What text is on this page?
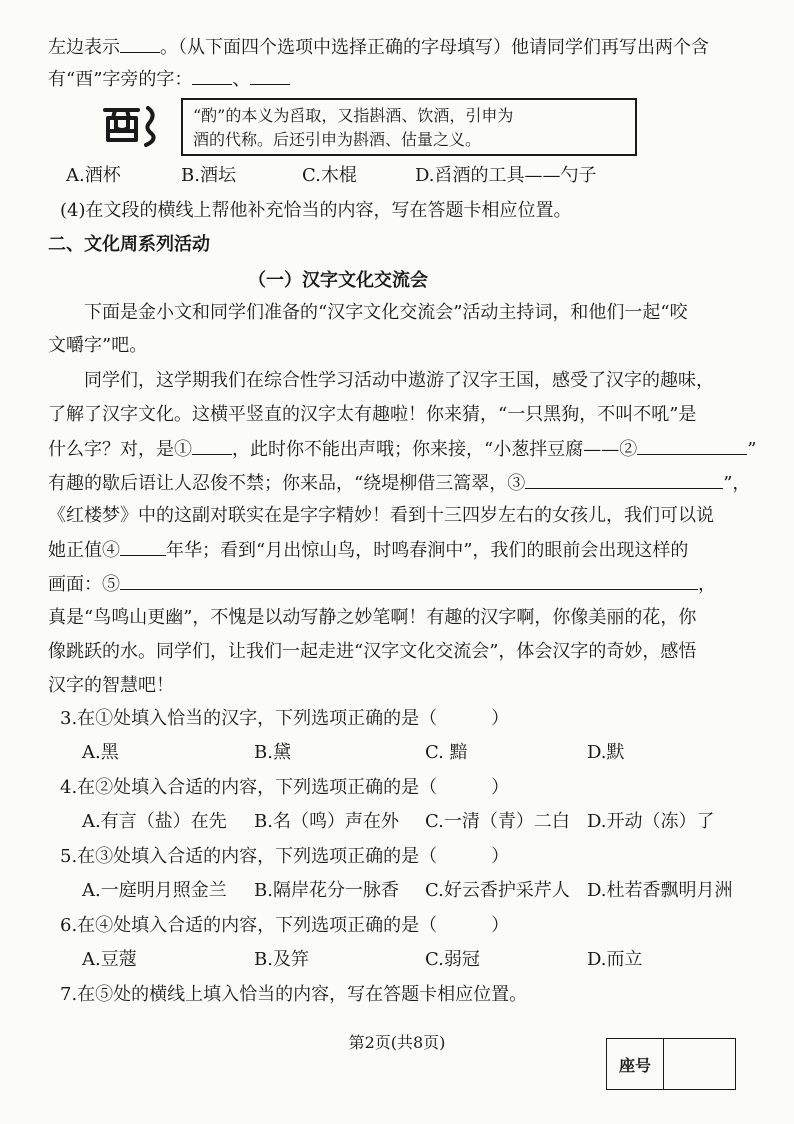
左边表示 。（从下面四个选项中选择正确的字母填写）他请同学们再写出两个含
有“酉”字旁的字： 、
“酌”的本义为舀取，又指斟酒、饮酒，引申为
酒的代称。后还引申为斟酒、估量之义。
A.酒杯	B.酒坛	C.木棍	D.舀酒的工具——勺子
(4)在文段的横线上帮他补充恰当的内容，写在答题卡相应位置。
二、文化周系列活动
（一）汉字文化交流会
下面是金小文和同学们准备的“汉字文化交流会”活动主持词，和他们一起“咬
文嚼字”吧。
同学们，这学期我们在综合性学习活动中遨游了汉字王国，感受了汉字的趣味，
了解了汉字文化。这横平竖直的汉字太有趣啦！你来猜，“一只黑狗，不叫不吼”是
什么字？对，是① ，此时你不能出声哦；你来接，“小葱拌豆腐——②	”
有趣的歇后语让人忍俊不禁；你来品，“绕堤柳借三篙翠，③	”，
《红楼梦》中的这副对联实在是字字精妙！看到十三四岁左右的女孩儿，我们可以说
她正值④	年华；看到“月出惊山鸟，时鸣春涧中”，我们的眼前会出现这样的
画面：⑤	，
真是“鸟鸣山更幽”，不愧是以动写静之妙笔啊！有趣的汉字啊，你像美丽的花，你
像跳跃的水。同学们，让我们一起走进“汉字文化交流会”，体会汉字的奇妙，感悟
汉字的智慧吧！
3.在①处填入恰当的汉字，下列选项正确的是（　　　）
A.黑	B.黛	C. 黯	D.默
4.在②处填入合适的内容，下列选项正确的是（　　　）
A.有言（盐）在先 B.名（鸣）声在外 C.一清（青）二白 D.开动（冻）了
5.在③处填入合适的内容，下列选项正确的是（　　　）
A.一庭明月照金兰 B.隔岸花分一脉香 C.好云香护采芹人 D.杜若香飘明月洲
6.在④处填入合适的内容，下列选项正确的是（　　　）
A.豆蔻	B.及笄	C.弱冠	D.而立
7.在⑤处的横线上填入恰当的内容，写在答题卡相应位置。
第2页(共8页)
座号
